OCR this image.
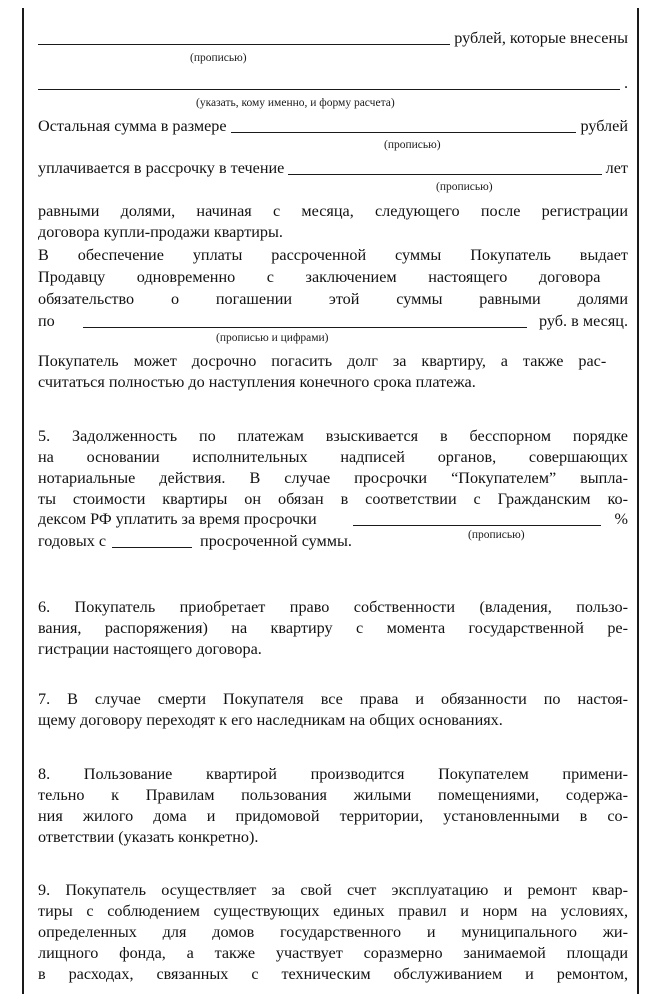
рублей, которые внесены
(прописью)
.
(указать, кому именно, и форму расчета)
Остальная сумма в размере	рублей
(прописью)
уплачивается в рассрочку в течение	лет
(прописью)
равными долями, начиная с месяца, следующего после регистрации
договора купли-продажи квартиры.
В обеспечение уплаты рассроченной суммы Покупатель выдает
Продавцу одновременно с заключением настоящего договора
обязательство о погашении этой суммы равными долями
по	руб. в месяц.
(прописью и цифрами)
Покупатель может досрочно погасить долг за квартиру, а также рас-
считаться полностью до наступления конечного срока платежа.
5. Задолженность по платежам взыскивается в бесспорном порядке
на основании исполнительных надписей органов, совершающих
нотариальные действия. В случае просрочки “Покупателем” выпла-
ты стоимости квартиры он обязан в соответствии с Гражданским ко-
дексом РФ уплатить за время просрочки	%
годовых с	просроченной суммы.	(прописью)
6. Покупатель приобретает право собственности (владения, пользо-
вания, распоряжения) на квартиру с момента государственной ре-
гистрации настоящего договора.
7. В случае смерти Покупателя все права и обязанности по настоя-
щему договору переходят к его наследникам на общих основаниях.
8. Пользование квартирой производится Покупателем примени-
тельно к Правилам пользования жилыми помещениями, содержа-
ния жилого дома и придомовой территории, установленными в со-
ответствии (указать конкретно).
9. Покупатель осуществляет за свой счет эксплуатацию и ремонт квар-
тиры с соблюдением существующих единых правил и норм на условиях,
определенных для домов государственного и муниципального жи-
лищного фонда, а также участвует соразмерно занимаемой площади
в расходах, связанных с техническим обслуживанием и ремонтом,
